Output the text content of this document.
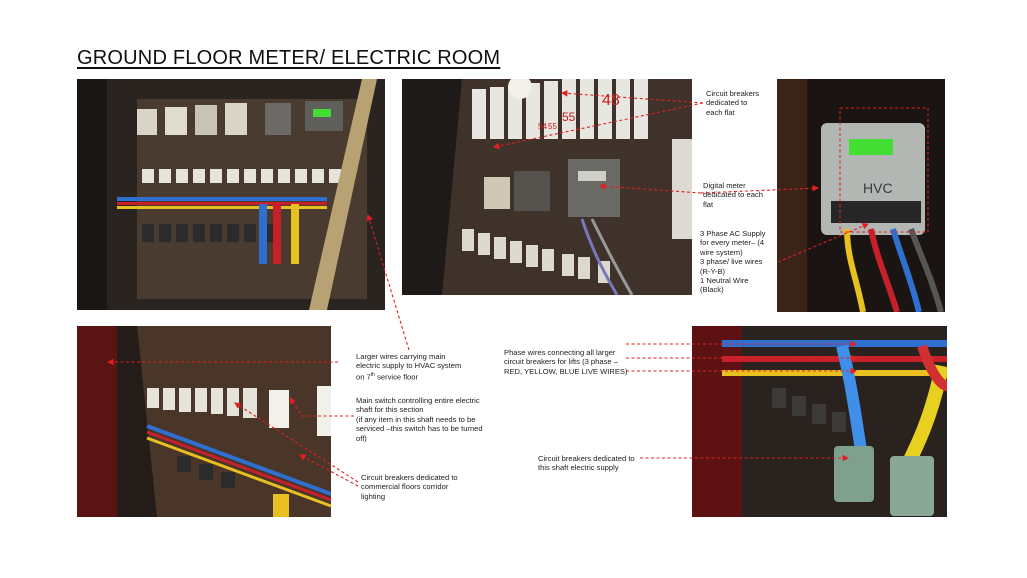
GROUND FLOOR METER/ ELECTRIC ROOM
48
55
54 55
HVC
Circuit breakers
dedicated to
each flat
Digital meter
dedicated to each
flat
3 Phase AC Supply
for every meter– (4
wire system)
3 phase/ live wires
(R-Y-B)
1 Neutral Wire
(Black)
Larger wires carrying main
electric supply to HVAC system
on 7th service floor
Main switch controlling entire electric
shaft for this section
(if any item in this shaft needs to be
serviced –this switch has to be turned
off)
Circuit breakers dedicated to
commercial floors corridor
lighting
Phase wires connecting all larger
circuit breakers for lifts (3 phase –
RED, YELLOW, BLUE LIVE WIRES)
Circuit breakers dedicated to
this shaft electric supply
